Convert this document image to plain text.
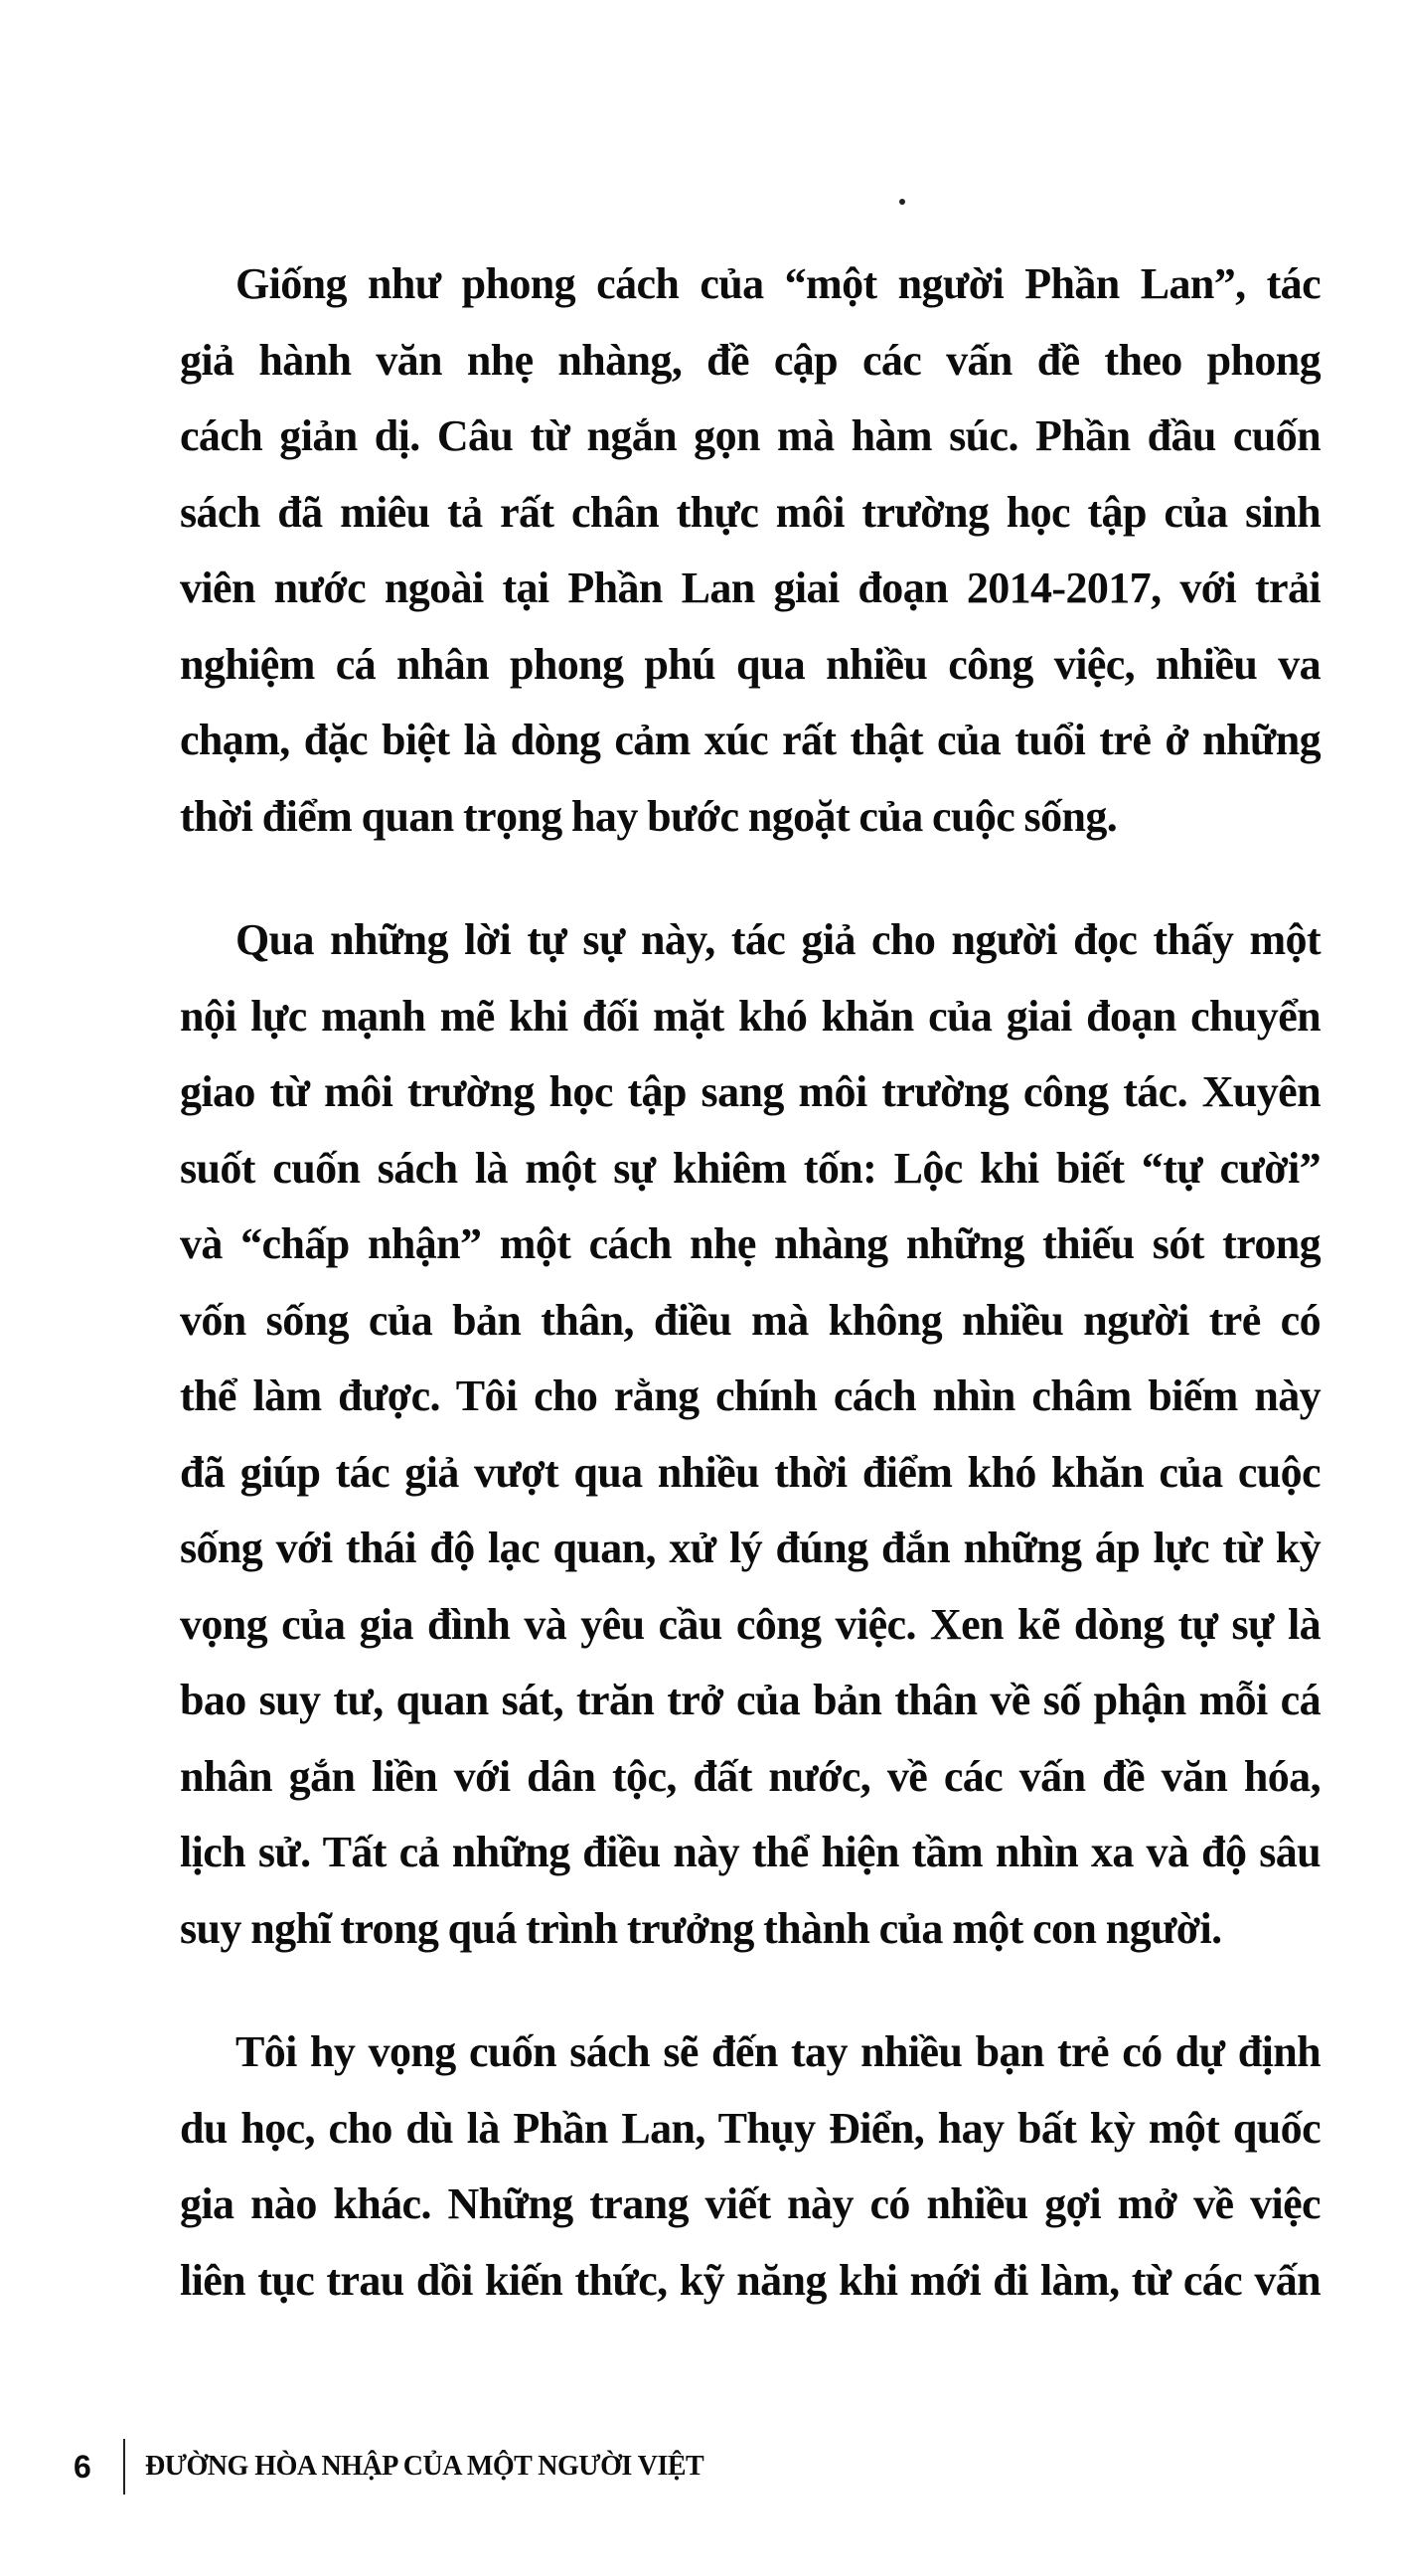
Giống như phong cách của “một người Phần Lan”, tác
giả hành văn nhẹ nhàng, đề cập các vấn đề theo phong
cách giản dị. Câu từ ngắn gọn mà hàm súc. Phần đầu cuốn
sách đã miêu tả rất chân thực môi trường học tập của sinh
viên nước ngoài tại Phần Lan giai đoạn 2014-2017, với trải
nghiệm cá nhân phong phú qua nhiều công việc, nhiều va
chạm, đặc biệt là dòng cảm xúc rất thật của tuổi trẻ ở những
thời điểm quan trọng hay bước ngoặt của cuộc sống.
Qua những lời tự sự này, tác giả cho người đọc thấy một
nội lực mạnh mẽ khi đối mặt khó khăn của giai đoạn chuyển
giao từ môi trường học tập sang môi trường công tác. Xuyên
suốt cuốn sách là một sự khiêm tốn: Lộc khi biết “tự cười”
và “chấp nhận” một cách nhẹ nhàng những thiếu sót trong
vốn sống của bản thân, điều mà không nhiều người trẻ có
thể làm được. Tôi cho rằng chính cách nhìn châm biếm này
đã giúp tác giả vượt qua nhiều thời điểm khó khăn của cuộc
sống với thái độ lạc quan, xử lý đúng đắn những áp lực từ kỳ
vọng của gia đình và yêu cầu công việc. Xen kẽ dòng tự sự là
bao suy tư, quan sát, trăn trở của bản thân về số phận mỗi cá
nhân gắn liền với dân tộc, đất nước, về các vấn đề văn hóa,
lịch sử. Tất cả những điều này thể hiện tầm nhìn xa và độ sâu
suy nghĩ trong quá trình trưởng thành của một con người.
Tôi hy vọng cuốn sách sẽ đến tay nhiều bạn trẻ có dự định
du học, cho dù là Phần Lan, Thụy Điển, hay bất kỳ một quốc
gia nào khác. Những trang viết này có nhiều gợi mở về việc
liên tục trau dồi kiến thức, kỹ năng khi mới đi làm, từ các vấn
6	ĐƯỜNG HÒA NHẬP CỦA MỘT NGƯỜI VIỆT
